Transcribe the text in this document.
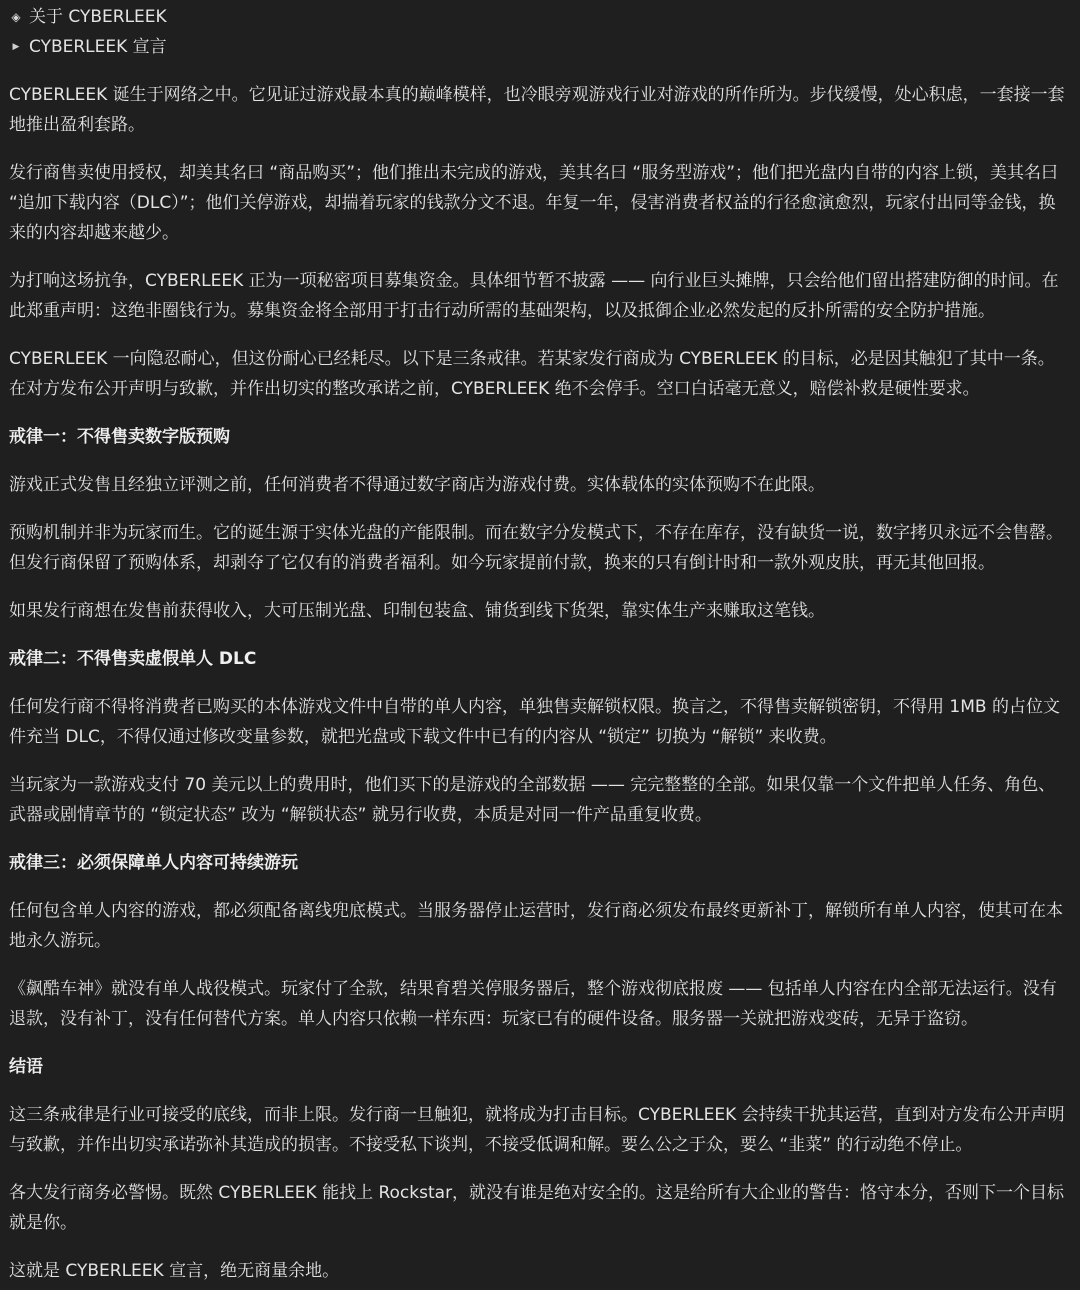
◈ 关于 CYBERLEEK
▶ CYBERLEEK 宣言

CYBERLEEK 诞生于网络之中。它见证过游戏最本真的巅峰模样，也冷眼旁观游戏行业对游戏的所作所为。步伐缓慢，处心积虑，一套接一套地推出盈利套路。

发行商售卖使用授权，却美其名曰 “商品购买”；他们推出未完成的游戏，美其名曰 “服务型游戏”；他们把光盘内自带的内容上锁，美其名曰 “追加下载内容（DLC）”；他们关停游戏，却揣着玩家的钱款分文不退。年复一年，侵害消费者权益的行径愈演愈烈，玩家付出同等金钱，换来的内容却越来越少。

为打响这场抗争，CYBERLEEK 正为一项秘密项目募集资金。具体细节暂不披露 —— 向行业巨头摊牌，只会给他们留出搭建防御的时间。在此郑重声明：这绝非圈钱行为。募集资金将全部用于打击行动所需的基础架构，以及抵御企业必然发起的反扑所需的安全防护措施。

CYBERLEEK 一向隐忍耐心，但这份耐心已经耗尽。以下是三条戒律。若某家发行商成为 CYBERLEEK 的目标，必是因其触犯了其中一条。在对方发布公开声明与致歉，并作出切实的整改承诺之前，CYBERLEEK 绝不会停手。空口白话毫无意义，赔偿补救是硬性要求。

戒律一：不得售卖数字版预购

游戏正式发售且经独立评测之前，任何消费者不得通过数字商店为游戏付费。实体载体的实体预购不在此限。

预购机制并非为玩家而生。它的诞生源于实体光盘的产能限制。而在数字分发模式下，不存在库存，没有缺货一说，数字拷贝永远不会售罄。但发行商保留了预购体系，却剥夺了它仅有的消费者福利。如今玩家提前付款，换来的只有倒计时和一款外观皮肤，再无其他回报。

如果发行商想在发售前获得收入，大可压制光盘、印制包装盒、铺货到线下货架，靠实体生产来赚取这笔钱。

戒律二：不得售卖虚假单人 DLC

任何发行商不得将消费者已购买的本体游戏文件中自带的单人内容，单独售卖解锁权限。换言之，不得售卖解锁密钥，不得用 1MB 的占位文件充当 DLC，不得仅通过修改变量参数，就把光盘或下载文件中已有的内容从 “锁定” 切换为 “解锁” 来收费。

当玩家为一款游戏支付 70 美元以上的费用时，他们买下的是游戏的全部数据 —— 完完整整的全部。如果仅靠一个文件把单人任务、角色、武器或剧情章节的 “锁定状态” 改为 “解锁状态” 就另行收费，本质是对同一件产品重复收费。

戒律三：必须保障单人内容可持续游玩

任何包含单人内容的游戏，都必须配备离线兜底模式。当服务器停止运营时，发行商必须发布最终更新补丁，解锁所有单人内容，使其可在本地永久游玩。

《飙酷车神》就没有单人战役模式。玩家付了全款，结果育碧关停服务器后，整个游戏彻底报废 —— 包括单人内容在内全部无法运行。没有退款，没有补丁，没有任何替代方案。单人内容只依赖一样东西：玩家已有的硬件设备。服务器一关就把游戏变砖，无异于盗窃。

结语

这三条戒律是行业可接受的底线，而非上限。发行商一旦触犯，就将成为打击目标。CYBERLEEK 会持续干扰其运营，直到对方发布公开声明与致歉，并作出切实承诺弥补其造成的损害。不接受私下谈判，不接受低调和解。要么公之于众，要么 “韭菜” 的行动绝不停止。

各大发行商务必警惕。既然 CYBERLEEK 能找上 Rockstar，就没有谁是绝对安全的。这是给所有大企业的警告：恪守本分，否则下一个目标就是你。

这就是 CYBERLEEK 宣言，绝无商量余地。
